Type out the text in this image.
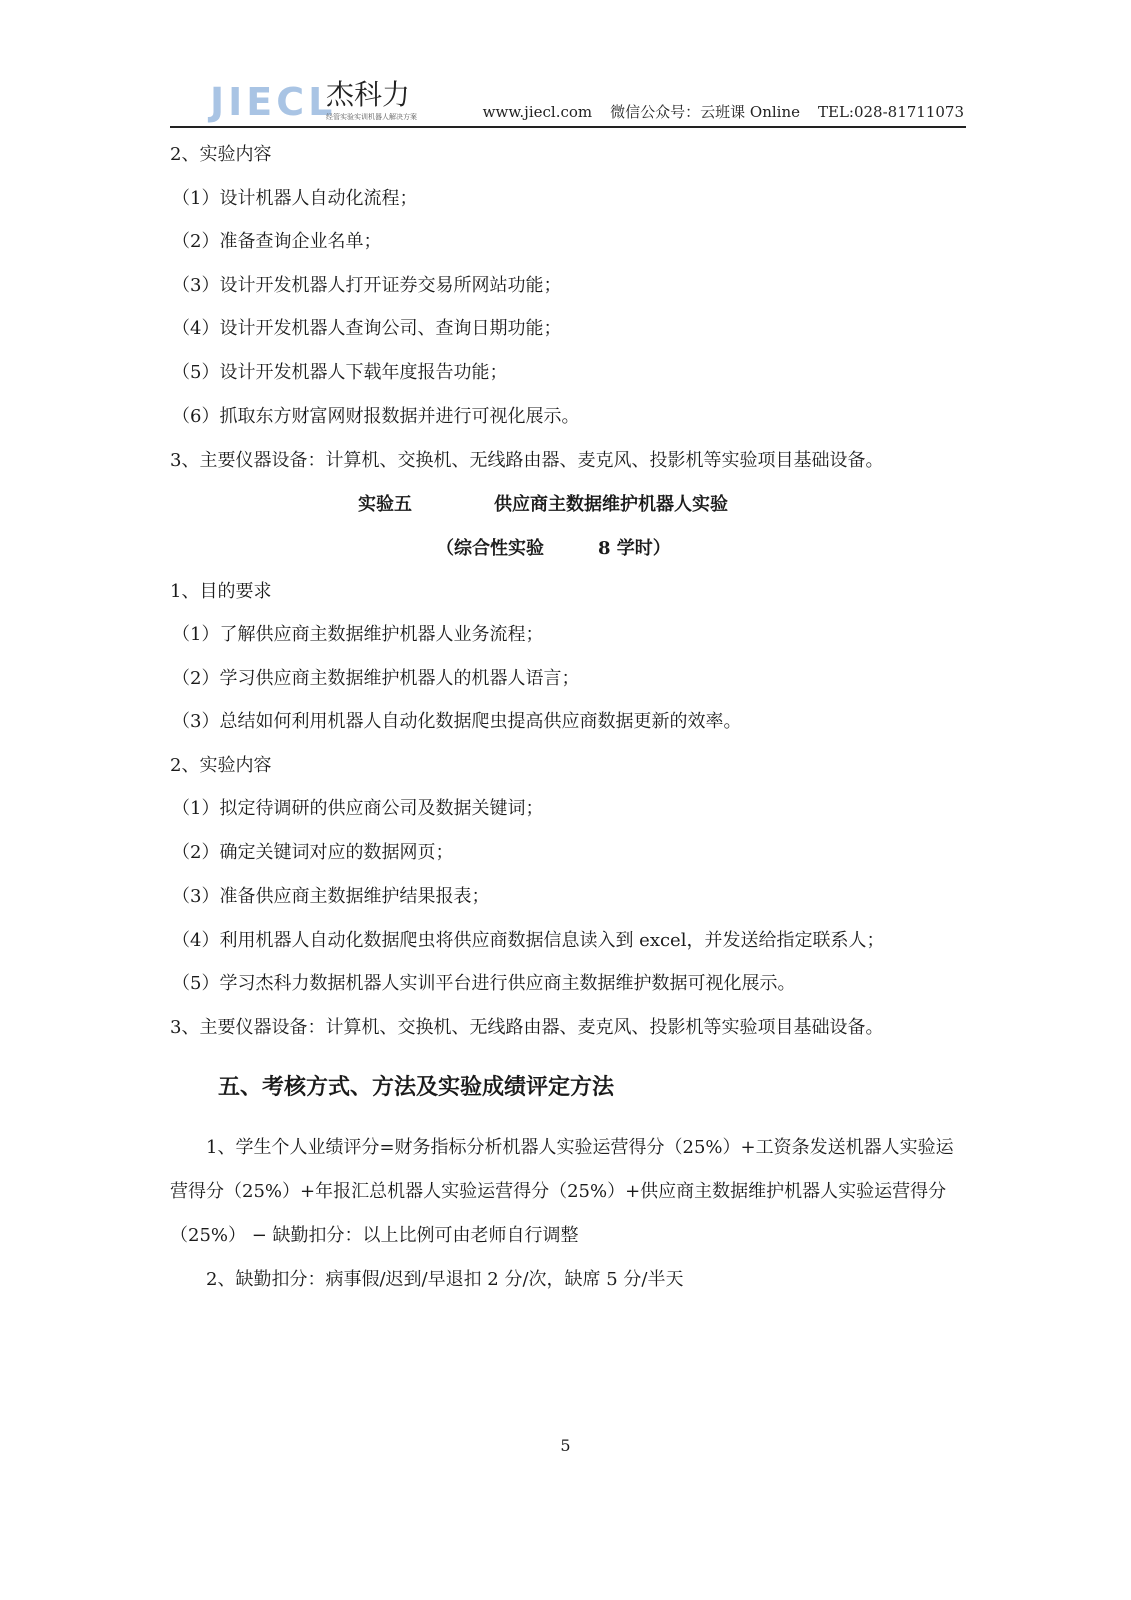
JIECL
杰科力
经管实验实训机器人解决方案	www.jiecl.com 微信公众号：云班课 Online TEL:028-81711073
2、实验内容
（1）设计机器人自动化流程；
（2）准备查询企业名单；
（3）设计开发机器人打开证券交易所网站功能；
（4）设计开发机器人查询公司、查询日期功能；
（5）设计开发机器人下载年度报告功能；
（6）抓取东方财富网财报数据并进行可视化展示。
3、主要仪器设备：计算机、交换机、无线路由器、麦克风、投影机等实验项目基础设备。
实验五	供应商主数据维护机器人实验
（综合性实验	8 学时）
1、目的要求
（1）了解供应商主数据维护机器人业务流程；
（2）学习供应商主数据维护机器人的机器人语言；
（3）总结如何利用机器人自动化数据爬虫提高供应商数据更新的效率。
2、实验内容
（1）拟定待调研的供应商公司及数据关键词；
（2）确定关键词对应的数据网页；
（3）准备供应商主数据维护结果报表；
（4）利用机器人自动化数据爬虫将供应商数据信息读入到 excel，并发送给指定联系人；
（5）学习杰科力数据机器人实训平台进行供应商主数据维护数据可视化展示。
3、主要仪器设备：计算机、交换机、无线路由器、麦克风、投影机等实验项目基础设备。
五、考核方式、方法及实验成绩评定方法
1、学生个人业绩评分=财务指标分析机器人实验运营得分（25%）+工资条发送机器人实验运营得分（25%）+年报汇总机器人实验运营得分（25%）+供应商主数据维护机器人实验运营得分（25%） − 缺勤扣分：以上比例可由老师自行调整
2、缺勤扣分：病事假/迟到/早退扣 2 分/次，缺席 5 分/半天
5
